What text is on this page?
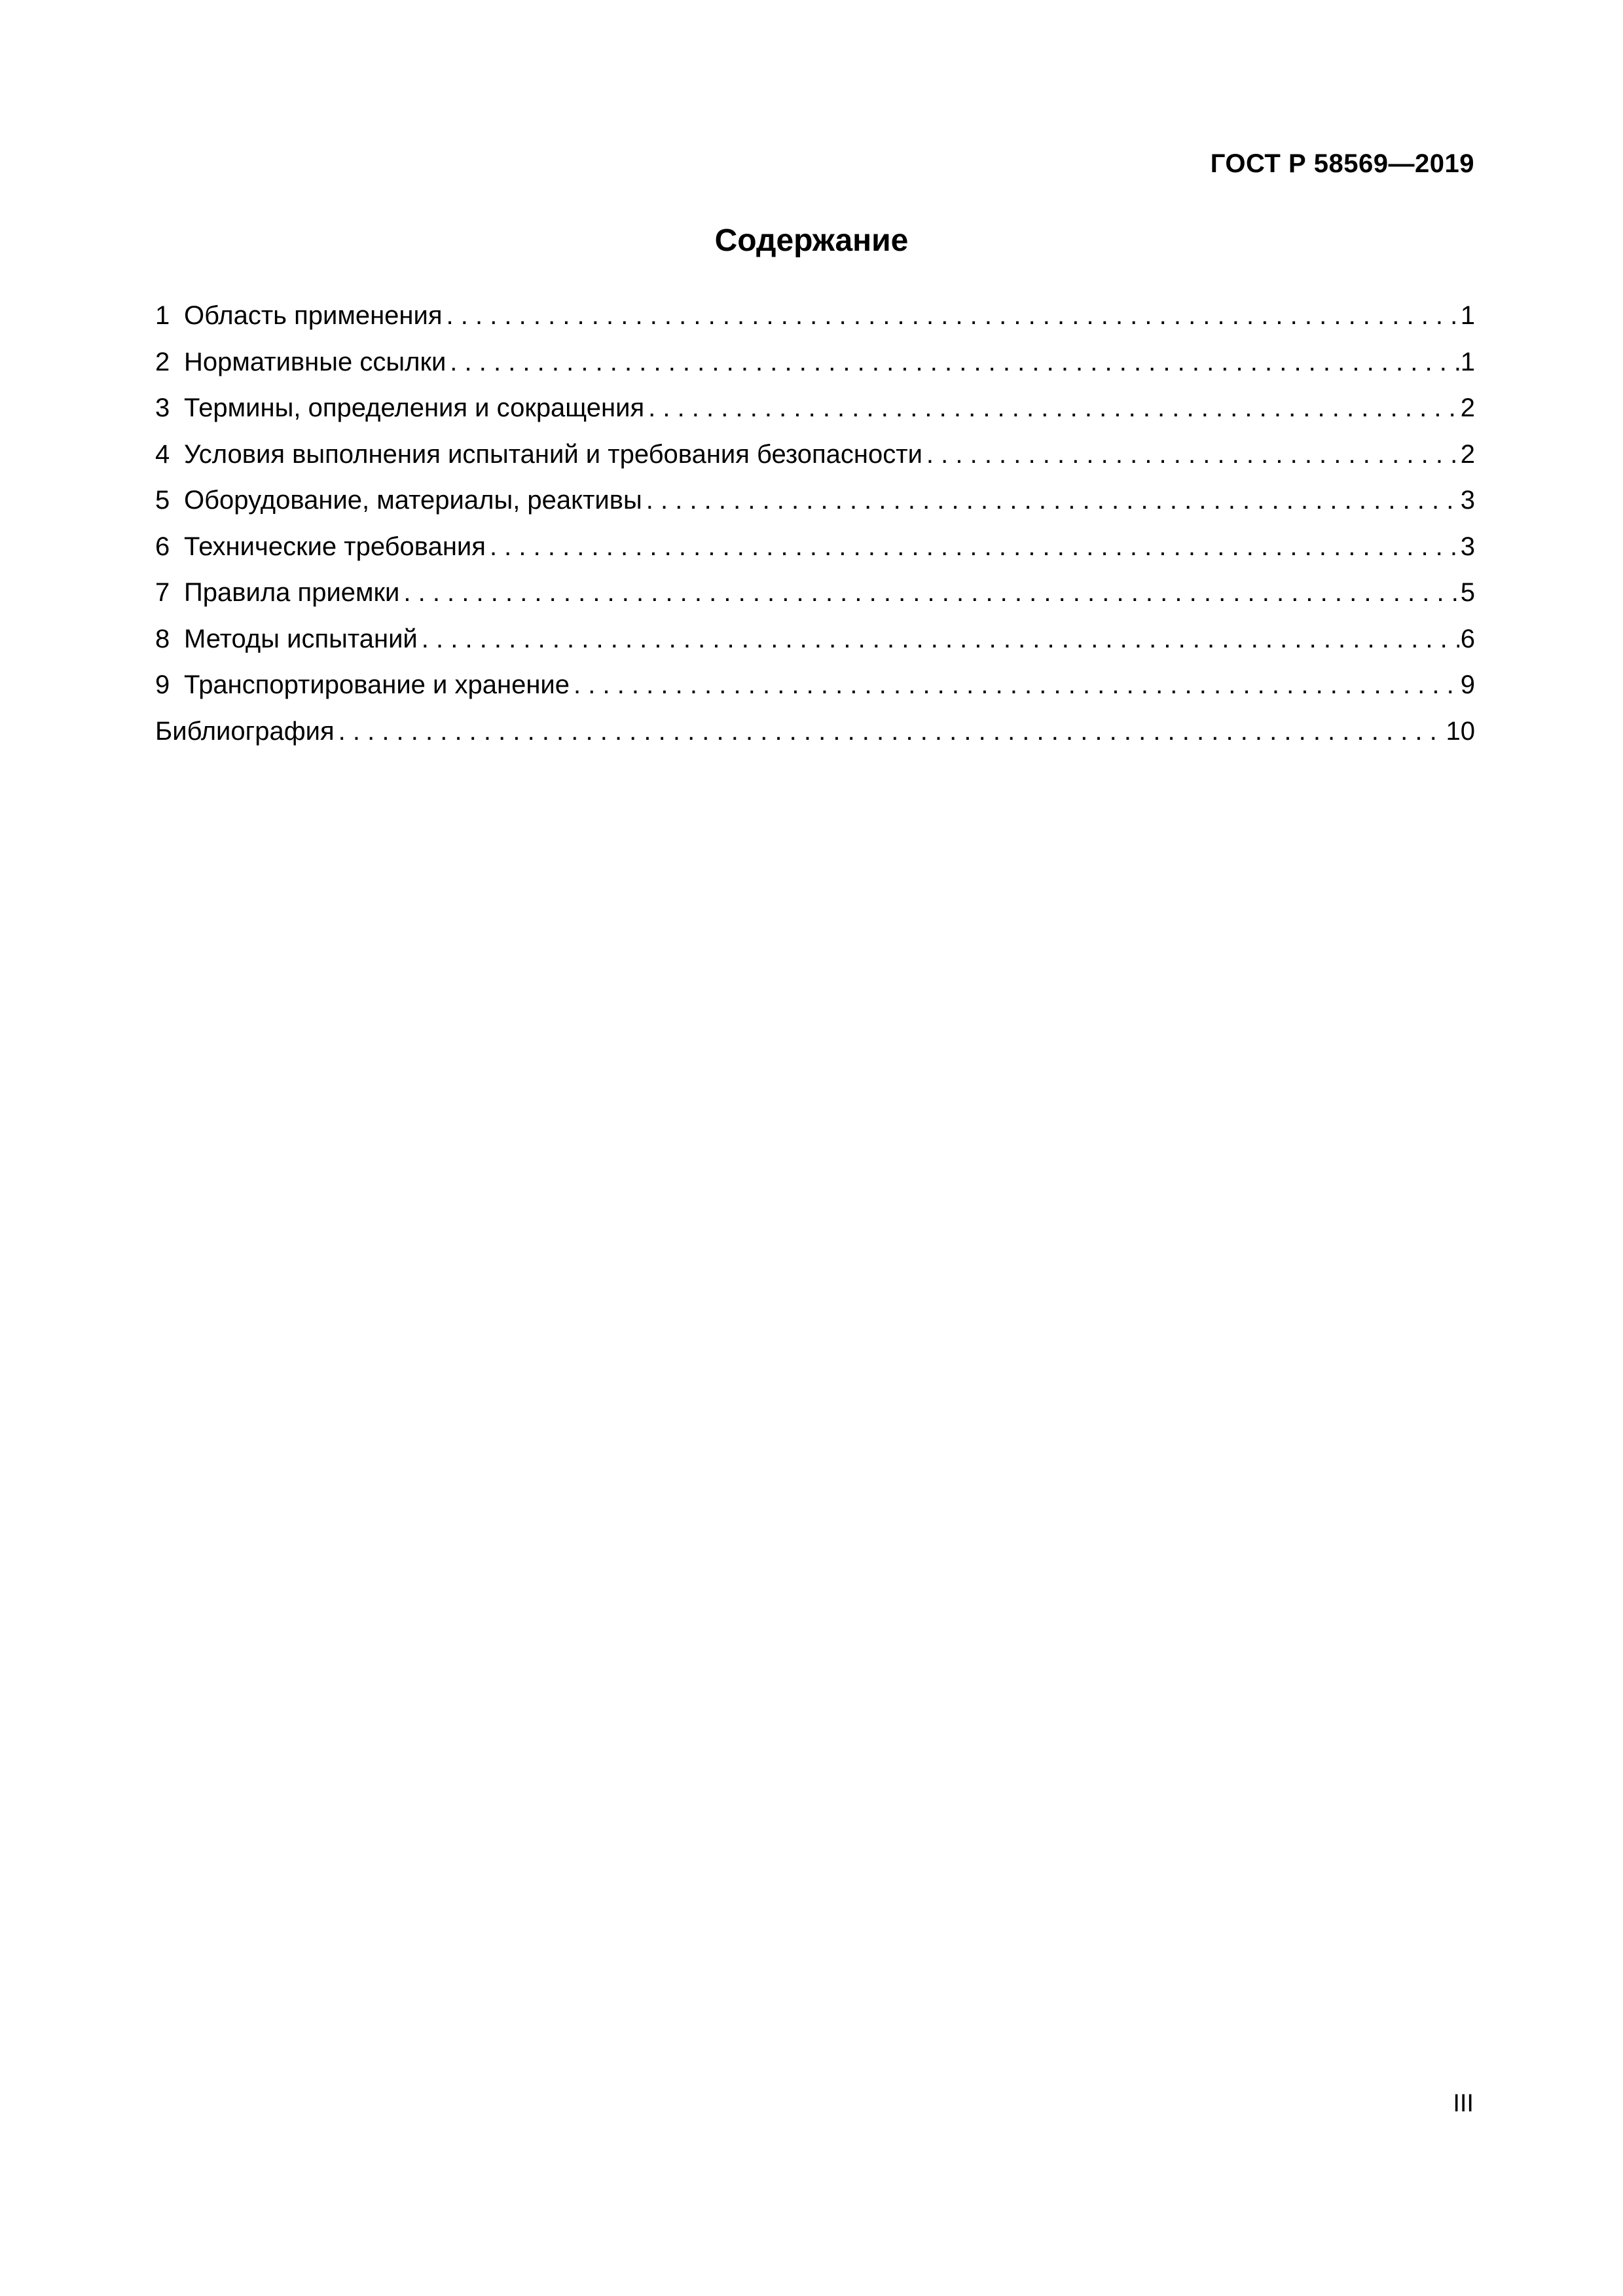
ГОСТ Р 58569—2019
Содержание
1 Область применения . . .	1
2 Нормативные ссылки . . .	1
3 Термины, определения и сокращения . . .	2
4 Условия выполнения испытаний и требования безопасности . . .	2
5 Оборудование, материалы, реактивы . . .	3
6 Технические требования . . .	3
7 Правила приемки . . .	5
8 Методы испытаний . . .	6
9 Транспортирование и хранение . . .	9
Библиография . . .	10
III
